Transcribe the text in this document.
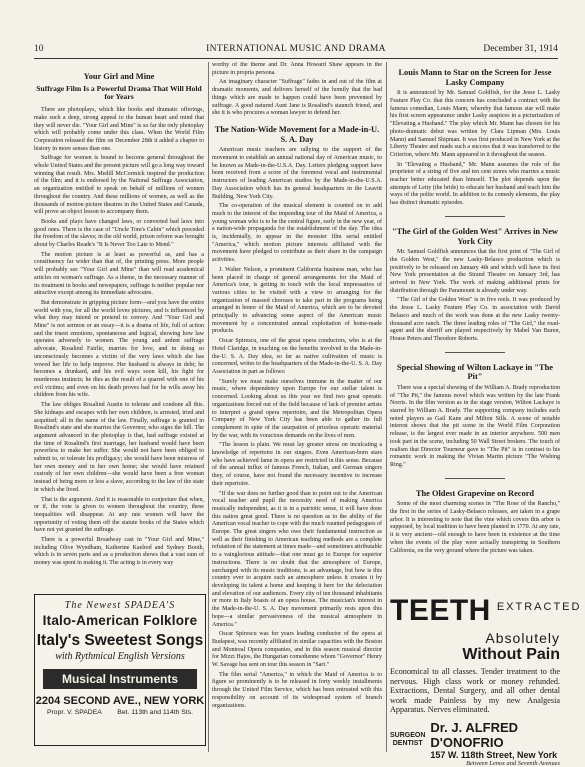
10	INTERNATIONAL MUSIC AND DRAMA	December 31, 1914
Your Girl and Mine
Suffrage Film Is a Powerful Drama That Will Hold for Years

There are photoplays, which like books and dramatic offerings, make such a deep, strong appeal to the human heart and mind that they will never die. "Your Girl and Mine" is so far the only photoplay which will probably come under this class. When the World Film Corporation released the film on December 28th it added a chapter to history in more senses than one.

Suffrage for women is bound to become general throughout the whole United States and the present picture will go a long way toward winning that result. Mrs. Medill McCormick inspired the production of the film; and it is endorsed by the National Suffrage Association, an organization entitled to speak on behalf of millions of women throughout the country. And these millions of women, as well as the thousands of motion picture theatres in the United States and Canada, will prove an object lesson to accompany them.

Books and plays have changed laws, or converted bad laws into good ones. There is the case of "Uncle Tom's Cabin" which preceded the freedom of the slaves; in the old world, prison reform was brought about by Charles Reade's "It Is Never Too Late to Mend."

The motion picture is at least as powerful as, and has a constituency far wider than that of, the printing press. More people will probably see "Your Girl and Mine" than will read academical articles on woman's suffrage. As a theme, in the necessary manner of its treatment in books and newspapers, suffrage is neither popular nor attractive except among its immediate advocates.

But demonstrate in gripping picture form—and you have the entire world with you, for all the world loves pictures, and is influenced by what they may intend or pretend to convey. And "Your Girl and Mine" is not sermon or an essay—it is a drama of life, full of action and the truest emotions, spontaneous and logical, showing how law operates adversely to women. The young and ardent suffrage advocate, Rosalind Fairlie, marries for love, and in doing so unconsciously becomes a victim of the very laws which she has vowed her life to help improve. Her husband is always in debt; he becomes a drunkard, and his evil ways soon kill, his fight for murderous instincts; he dies as the result of a quarrel with one of his evil victims; and even on his death proves bad for he wills away his children from his wife.

The law obliges Rosalind Austin to tolerate and condone all this. She kidnaps and escapes with her own children, is arrested, tried and acquitted; all in the name of the law. Finally, suffrage is granted in Rosalind's state and she marries the Governor, who signs the bill. The argument advanced in the photoplay is that, had suffrage existed at the time of Rosalind's first marriage, her husband would have been powerless to make her suffer. She would not have been obliged to submit to, or tolerate his profligacy; she would have been mistress of her own money and in her own home; she would have retained custody of her own children—she would have been a free woman instead of being more or less a slave, according to the law of the state in which she lived.

That is the argument. And it is reasonable to conjecture that when, or if, the vote is given to women throughout the country, these inequalities will disappear. At any rate women will have the opportunity of voting them off the statute books of the States which have not yet granted the suffrage.

There is a powerful Broadway cast in "Your Girl and Mine," including Olive Wyndham, Katherine Kaelred and Sydney Booth, which is in seven parts and as a production shows that a vast sum of money was spent in making it. The acting is in every way

The Newest SPADEA'S
Italo-American Folklore
Italy's Sweetest Songs
with Rythmical English Versions
Musical Instruments
2204 SECOND AVE., NEW YORK
Propr. V. SPADEA Bet. 113th and 114th Sts.

worthy of the theme and Dr. Anna Howard Shaw appears in the picture in propria persona.

An imaginary character "Suffrage" fades in and out of the film at dramatic moments, and delivers herself of the homily that the bad things which are made to happen could have been prevented by suffrage. A good natured Aunt Jane is Rosalind's staunch friend, and she it is who procures a woman lawyer to defend her.

The Nation-Wide Movement for a Made-in-U. S. A. Day

American music teachers are rallying to the support of the movement to establish an annual national day of American music, to be known as Made-in-the-U.S.A. Day. Letters pledging support have been received from a score of the foremost vocal and instrumental instructors of leading American studios by the Made-in-the-U.S.A. Day Association which has its general headquarters in the Leavitt Building, New York City.

The co-operation of the musical element is counted on to add much to the interest of the impending tour of the Maid of America, a young woman who is to be the central figure, early in the new year, of a nation-wide propaganda for the establishment of the day. The idea is, incidentally, to appear in the monster film serial entitled "America," which motion picture interests affiliated with the movement have pledged to contribute as their share in the campaign activities.

J. Walter Nelson, a prominent California business man, who has been placed in charge of general arrangements for the Maid of America's tour, is getting in touch with the local impressarios of various cities to be visited with a view to arranging for the organization of massed choruses to take part in the programs being arranged in honor of the Maid of America, which are to be devoted principally to advancing some aspect of the American music movement by a concentrated annual exploitation of home-made products.

Oscar Spirescu, one of the great opera conductors, who is at the Hotel Claridge, in touching on the benefits involved in the Made-in-the-U. S. A. Day idea, so far as native cultivation of music is concerned, writes to the headquarters of the Made-in-the-U. S. A. Day Association in part as follows:

"Surely we must make ourselves immune in the matter of our music, where dependency upon Europe for our stellar talent is concerned. Looking about us this year we find two great operatic organizations forced out of the field because of lack of premier artists to interpret a grand opera repertoire, and the Metropolitan Opera Company of New York City has been able to gather its full complement in spite of the usurpation of priceless operatic material by the war, with its voracious demands on the lives of men.

"The lesson is plain. We must lay greater stress on inculcating a knowledge of repertoire in our singers. Even American-born stars who have achieved fame in opera are restricted in this sense. Because of the annual influx of famous French, Italian, and German singers they, of course, have not found the necessary incentive to increase their repertoire.

"If the war does no further good than to point out to the American vocal teacher and pupil the necessity need of making America musically independent, as it is in a patriotic sense, it will have done this nation great good. There is no question as to the ability of the American vocal teacher to cope with the much vaunted pedagogues of Europe. The great singers who owe their fundamental instruction as well as their finishing to American teaching methods are a complete refutation of the statement at times made—and sometimes attributable to a vainglorious attitude—that one must go to Europe for superior instructions. There is no doubt that the atmosphere of Europe, surcharged with its music traditions, is an advantage, but how is this country ever to acquire such an atmosphere unless it creates it by developing its talent a home and keeping it here for the delectation and elevation of our audiences. Every city of ten thousand inhabitants or more in Italy boasts of an opera house. The musician's interest in the Made-in-the-U. S. A. Day movement primarily rests upon this hope—a similar pervasiveness of the musical atmosphere in America."

Oscar Spirescu was for years leading conductor of the opera at Budapest, was recently affiliated in similar capacities with the Boston and Montreal Opera companies, and in this season musical director for Mizzi Hajos, the Hungarian comedienne whom "Governor" Henry W. Savage has sent on tour this season in "Sari."

The film serial "America," in which the Maid of America is to figure so prominently is to be released in forty weekly installments through the United Film Service, which has been entrusted with this responsibility on account of its widespread system of branch organizations.

Louis Mann to Star on the Screen for Jesse Lasky Company

It is announced by Mr. Samuel Goldfish, for the Jesse L. Lasky Feature Play Co. that this concern has concluded a contract with the famous comedian, Louis Mann, whereby that famous star will make his first screen appearance under Lasky auspices in a picturization of "Elevating a Husband." The play which Mr. Mann has chosen for his photo-dramatic debut was written by Clara Lipman (Mrs. Louis Mann) and Samuel Shipman. It was first produced in New York at the Liberty Theatre and made such a success that it was transferred to the Criterion, where Mr. Mann appeared in it throughout the season.

In "Elevating a Husband," Mr. Mann assumes the role of the proprietor of a string of five and ten cent stores who marries a music teacher better educated than himself. The plot depends upon the attempts of Letty (the bride) to educate her husband and teach him the ways of the polite world. In addition to its comedy elements, the play has distinct dramatic episodes.

"The Girl of the Golden West" Arrives in New York City

Mr. Samuel Goldfish announces that the first print of "The Girl of the Golden West," the new Lasky-Belasco production which is positively to be released on January 4th and which will have its first New York presentation at the Strand Theatre on January 3rd, has arrived in New York. The work of making additional prints for distribution through the Paramount is already under way.

"The Girl of the Golden West" is in five reels. It was produced by the Jesse L. Lasky Feature Play Co. in association with David Belasco and much of the work was done at the new Lasky twenty-thousand acre ranch. The three leading roles of "The Girl," the road-agent and the sheriff are played respectively by Mabel Van Buren, House Peters and Theodore Roberts.

Special Showing of Wilton Lackaye in "The Pit"

There was a special showing of the William A. Brady reproduction of "The Pit," the famous novel which was written by the late Frank Norris. In the film version as in the stage version, Wilton Lackaye is starred by William A. Brady. The supporting company includes such noted players as Gail Kane and Milton Sills. A scene of notable interest shows that the pit scene in the World Film Corporation release, is the largest ever made in an interior anywhere. 500 men took part in the scene, including 50 Wall Street brokers. The touch of realism that Director Tourneur gave to "The Pit" is in contrast to his romantic work in making the Vivian Martin picture "The Wishing Ring."

The Oldest Grapevine on Record

Some of the most charming scenes in "The Rose of the Rancho," the first in the series of Lasky-Belasco releases, are taken in a grape arbor. It is interesting to note that the vine which covers this arbor is supposed, by local tradition to have been planted in 1770. At any rate, it is very ancient—old enough to have been in existence at the time when the events of the play were actually transpiring in Southern California, on the very ground where the picture was taken.

TEETH EXTRACTED
Absolutely
Without Pain
Economical to all classes. Tender treatment to the nervous. High class work or money refunded. Extractions, Dental Surgery, and all other dental work made Painless by my new Analgesia Apparatus. Nerves eliminated.
SURGEON
DENTIST
Dr. J. ALFRED D'ONOFRIO
157 W. 118th Street, New York
Between Lenox and Seventh Avenues
